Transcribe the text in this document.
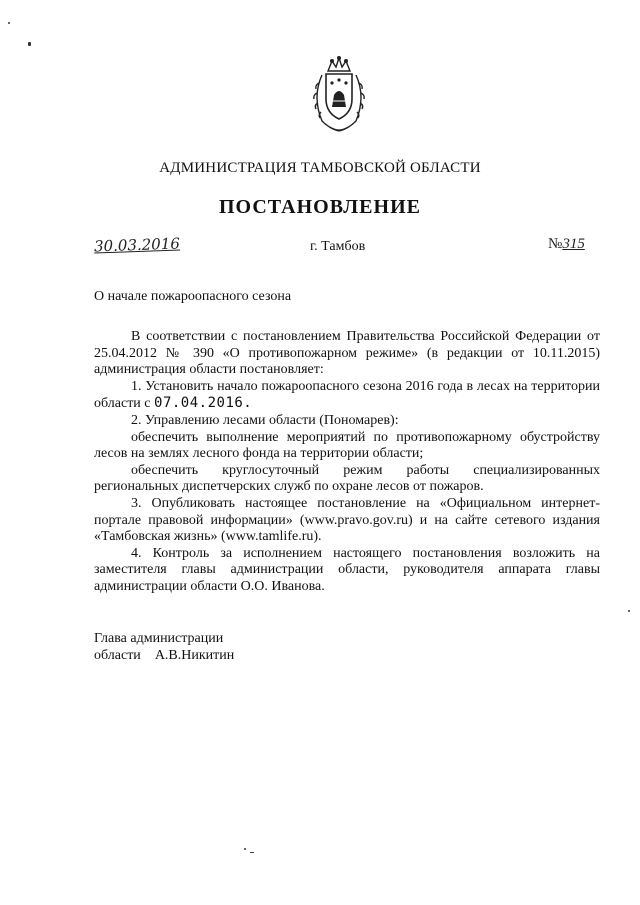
АДМИНИСТРАЦИЯ ТАМБОВСКОЙ ОБЛАСТИ
ПОСТАНОВЛЕНИЕ
30.03.2016	г. Тамбов	№315
О начале пожароопасного сезона

В соответствии с постановлением Правительства Российской Федерации от 25.04.2012 № 390 «О противопожарном режиме» (в редакции от 10.11.2015) администрация области постановляет:

1. Установить начало пожароопасного сезона 2016 года в лесах на территории области с 07.04.2016.

2. Управлению лесами области (Пономарев):

обеспечить выполнение мероприятий по противопожарному обустройству лесов на землях лесного фонда на территории области;

обеспечить круглосуточный режим работы специализированных региональных диспетчерских служб по охране лесов от пожаров.

3. Опубликовать настоящее постановление на «Официальном интернет-портале правовой информации» (www.pravo.gov.ru) и на сайте сетевого издания «Тамбовская жизнь» (www.tamlife.ru).

4. Контроль за исполнением настоящего постановления возложить на заместителя главы администрации области, руководителя аппарата главы администрации области О.О. Иванова.

Глава администрации
области А.В.Никитин
